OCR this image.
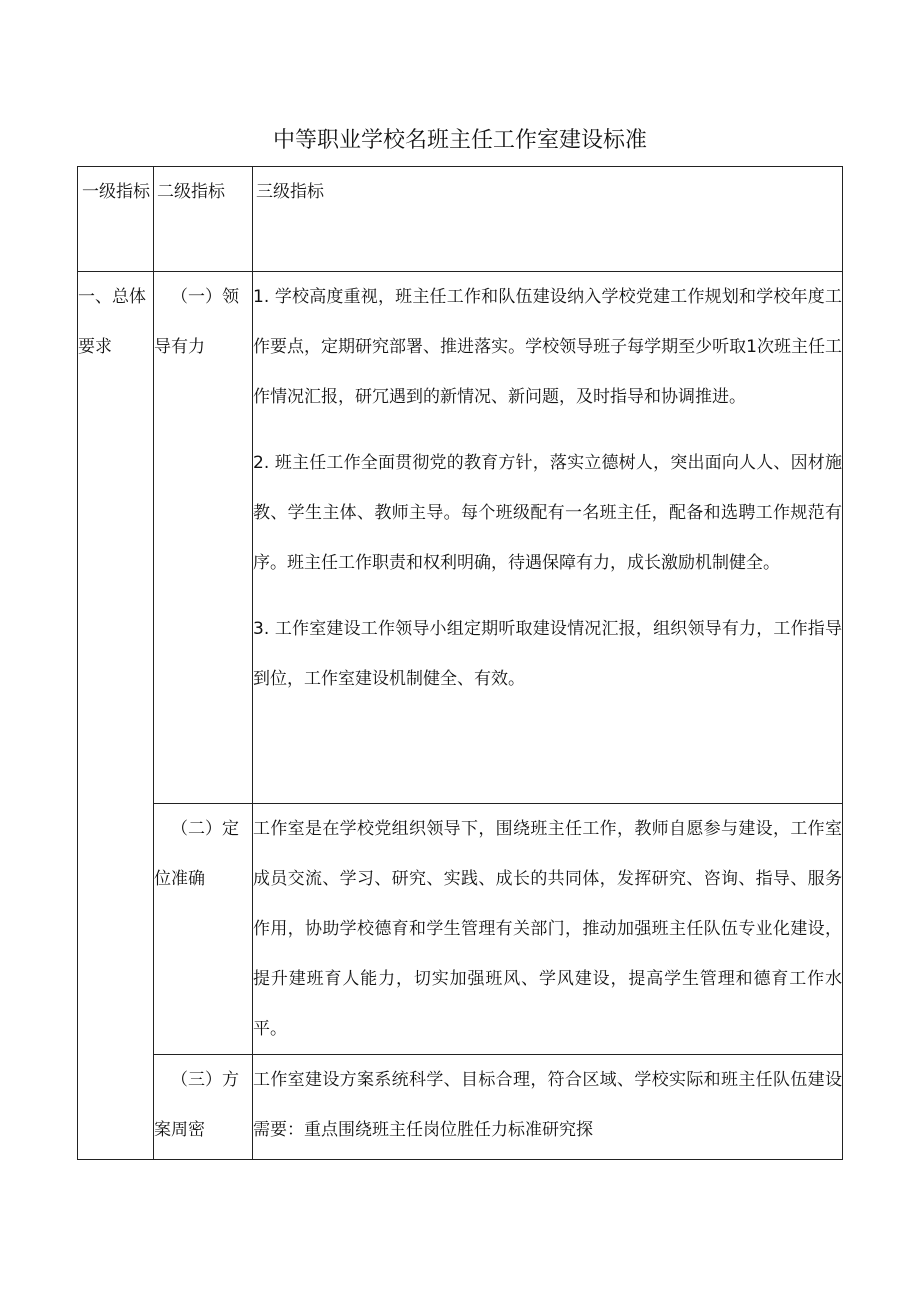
中等职业学校名班主任工作室建设标准
一级指标	二级指标	三级指标
一、总体要求	（一）领导有力	1. 学校高度重视，班主任工作和队伍建设纳入学校党建工作规划和学校年度工作要点，定期研究部署、推进落实。学校领导班子每学期至少听取1次班主任工作情况汇报，研冗遇到的新情况、新问题，及时指导和协调推进。

2. 班主任工作全面贯彻党的教育方针，落实立德树人，突出面向人人、因材施教、学生主体、教师主导。每个班级配有一名班主任，配备和选聘工作规范有序。班主任工作职责和权利明确，待遇保障有力，成长激励机制健全。

3. 工作室建设工作领导小组定期听取建设情况汇报，组织领导有力，工作指导到位，工作室建设机制健全、有效。

	（二）定位准确	工作室是在学校党组织领导下，围绕班主任工作，教师自愿参与建设，工作室成员交流、学习、研究、实践、成长的共同体，发挥研究、咨询、指导、服务作用，协助学校德育和学生管理有关部门，推动加强班主任队伍专业化建设，提升建班育人能力，切实加强班风、学风建设，提高学生管理和德育工作水平。

	（三）方案周密	工作室建设方案系统科学、目标合理，符合区域、学校实际和班主任队伍建设需要：重点围绕班主任岗位胜任力标准研究探
